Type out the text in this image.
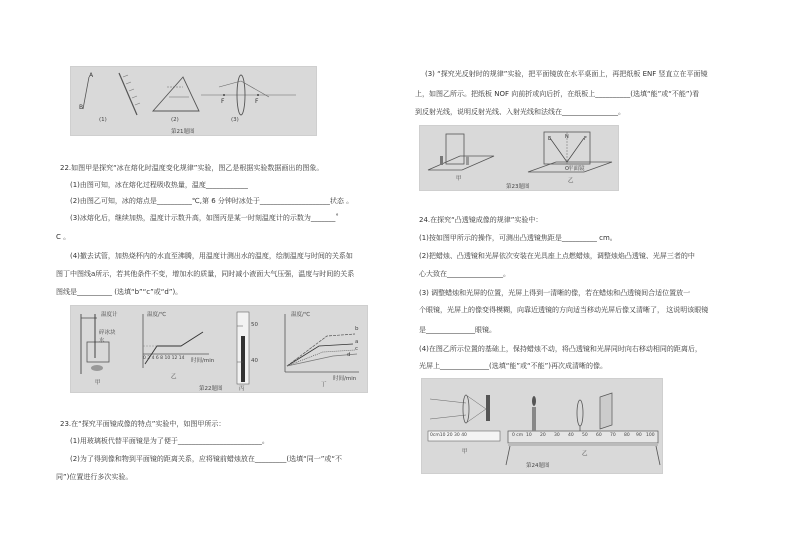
A
B
F	F
(1)	(2)	(3)
第21题图
22.如图甲是探究“冰在熔化时温度变化规律”实验，图乙是根据实验数据画出的图象。
(1)由图可知，冰在熔化过程吸收热量，温度____________
(2)由图乙可知，冰的熔点是__________℃,第 6 分钟时冰处于____________________状态 。
(3)冰熔化后，继续加热，温度计示数升高，如图丙是某一时刻温度计的示数为_______˚
C 。
(4)撤去试管，加热烧杯内的水直至沸腾，用温度计测出水的温度，绘制温度与时间的关系如
图丁中图线a所示，若其他条件不变，增加水的质量，同时减小液面大气压强，温度与时间的关系
图线是__________ (选填“b”“c”或“d”)。
温度计
碎冰块
水
温度/℃
0 2 4 6 8 10 12 14 时间/min
50
40
温度/℃
时间/min
a
b
c
d
甲
乙
丙
丁
第22题图
23.在“探究平面镜成像的特点”实验中，如图甲所示：
(1)用玻璃板代替平面镜是为了便于________________________。
(2)为了得到像和物到平面镜的距离关系，应将镜前蜡烛放在_________(选填“同一”或“不
同”)位置进行多次实验。
(3) “探究光反射时的规律”实验，把平面镜放在水平桌面上，再把纸板 ENF 竖直立在平面镜
上，如图乙所示。把纸板 NOF 向前折或向后折，在纸板上__________(选填“能”或“不能”)看
到反射光线，说明反射光线、入射光线和法线在________________。
E	N	F
O 平面镜
甲	乙
第23题图
24.在探究“凸透镜成像的规律”实验中：
(1)按如图甲所示的操作，可测出凸透镜焦距是__________ cm。
(2)把蜡烛、凸透镜和光屏依次安装在光具座上点燃蜡烛，调整烛焰凸透镜、光屏三者的中
心大致在________________。
(3) 调整蜡烛和光屏的位置，光屏上得到一清晰的像，若在蜡烛和凸透镜间合适位置放一
个眼镜，光屏上的像变得模糊，向靠近透镜的方向适当移动光屏后像又清晰了， 这说明该眼镜
是______________眼镜。
(4)在图乙所示位置的基础上，保持蜡烛不动，将凸透镜和光屏同时向右移动相同的距离后，
光屏上______________(选填“能”或“不能”)再次成清晰的像。
0cm10 20 30 40	0 cm 10 20 30 40 50 60 70 80 90 100
甲	乙
第24题图
